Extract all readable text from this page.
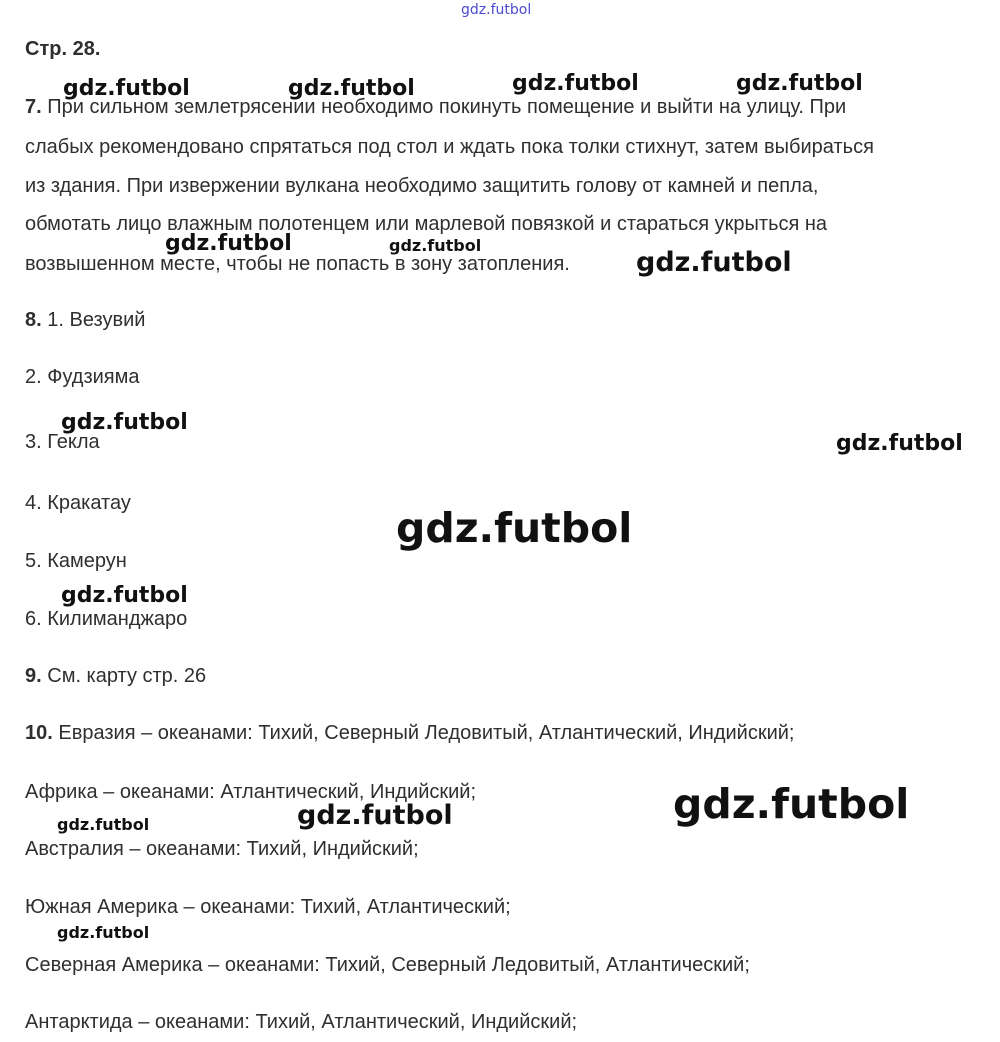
gdz.futbol
Стр. 28.
7. При сильном землетрясении необходимо покинуть помещение и выйти на улицу. При
слабых рекомендовано спрятаться под стол и ждать пока толки стихнут, затем выбираться
из здания. При извержении вулкана необходимо защитить голову от камней и пепла,
обмотать лицо влажным полотенцем или марлевой повязкой и стараться укрыться на
возвышенном месте, чтобы не попасть в зону затопления.
8. 1. Везувий
2. Фудзияма
3. Гекла
4. Кракатау
5. Камерун
6. Килиманджаро
9. См. карту стр. 26
10. Евразия – океанами: Тихий, Северный Ледовитый, Атлантический, Индийский;
Африка – океанами: Атлантический, Индийский;
Австралия – океанами: Тихий, Индийский;
Южная Америка – океанами: Тихий, Атлантический;
Северная Америка – океанами: Тихий, Северный Ледовитый, Атлантический;
Антарктида – океанами: Тихий, Атлантический, Индийский;
gdz.futbol	gdz.futbol	gdz.futbol	gdz.futbol
gdz.futbol	gdz.futbol
gdz.futbol
gdz.futbol
gdz.futbol
gdz.futbol
gdz.futbol
gdz.futbol
gdz.futbol
gdz.futbol
gdz.futbol
